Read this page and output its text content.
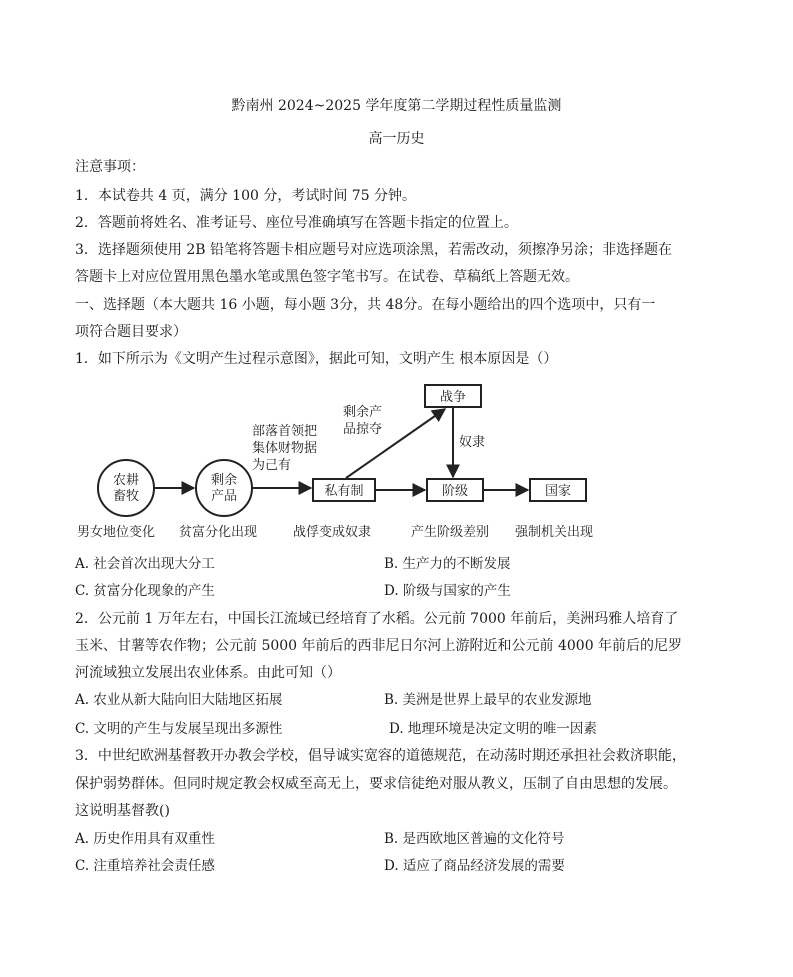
黔南州 2024~2025 学年度第二学期过程性质量监测
高一历史
注意事项：
1．本试卷共 4 页，满分 100 分，考试时间 75 分钟。
2．答题前将姓名、准考证号、座位号准确填写在答题卡指定的位置上。
3．选择题须使用 2B 铅笔将答题卡相应题号对应选项涂黑，若需改动，须擦净另涂；非选择题在
答题卡上对应位置用黑色墨水笔或黑色签字笔书写。在试卷、草稿纸上答题无效。
一、选择题（本大题共 16 小题，每小题 3分，共 48分。在每小题给出的四个选项中，只有一
项符合题目要求）
1．如下所示为《文明产生过程示意图》，据此可知，文明产生 根本原因是（）
农耕
畜牧
剩余
产品	私有制
战争
阶级	国家
部落首领把
集体财物据
为己有
剩余产
品掠夺
奴隶
男女地位变化 贫富分化出现	战俘变成奴隶	产生阶级差别 强制机关出现
A. 社会首次出现大分工	B. 生产力的不断发展
C. 贫富分化现象的产生	D. 阶级与国家的产生
2．公元前 1 万年左右，中国长江流域已经培育了水稻。公元前 7000 年前后，美洲玛雅人培育了
玉米、甘薯等农作物；公元前 5000 年前后的西非尼日尔河上游附近和公元前 4000 年前后的尼罗
河流域独立发展出农业体系。由此可知（）
A. 农业从新大陆向旧大陆地区拓展	B. 美洲是世界上最早的农业发源地
C. 文明的产生与发展呈现出多源性	D. 地理环境是决定文明的唯一因素
3．中世纪欧洲基督教开办教会学校，倡导诚实宽容的道德规范，在动荡时期还承担社会救济职能，
保护弱势群体。但同时规定教会权威至高无上，要求信徒绝对服从教义，压制了自由思想的发展。
这说明基督教()
A. 历史作用具有双重性	B. 是西欧地区普遍的文化符号
C. 注重培养社会责任感	D. 适应了商品经济发展的需要
